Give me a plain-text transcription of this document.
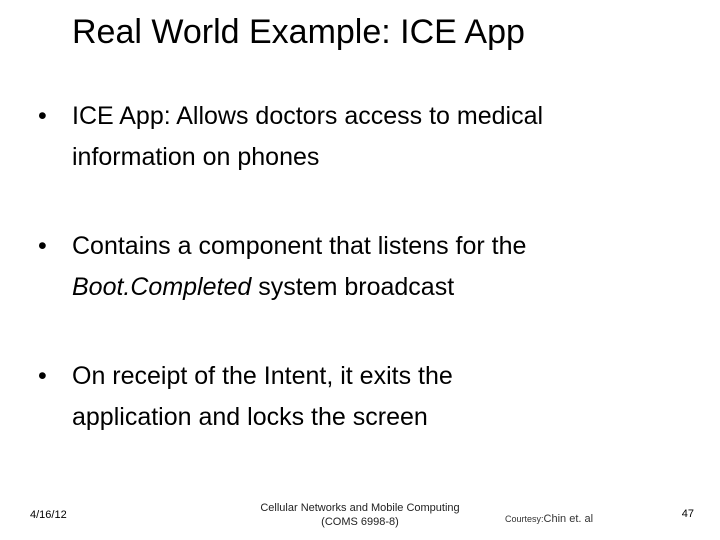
Real World Example: ICE App
• ICE App: Allows doctors access to medical
information on phones
• Contains a component that listens for the
Boot.Completed system broadcast
• On receipt of the Intent, it exits the
application and locks the screen
4/16/12
Cellular Networks and Mobile Computing
(COMS 6998-8)	Courtesy:Chin et. al	47
